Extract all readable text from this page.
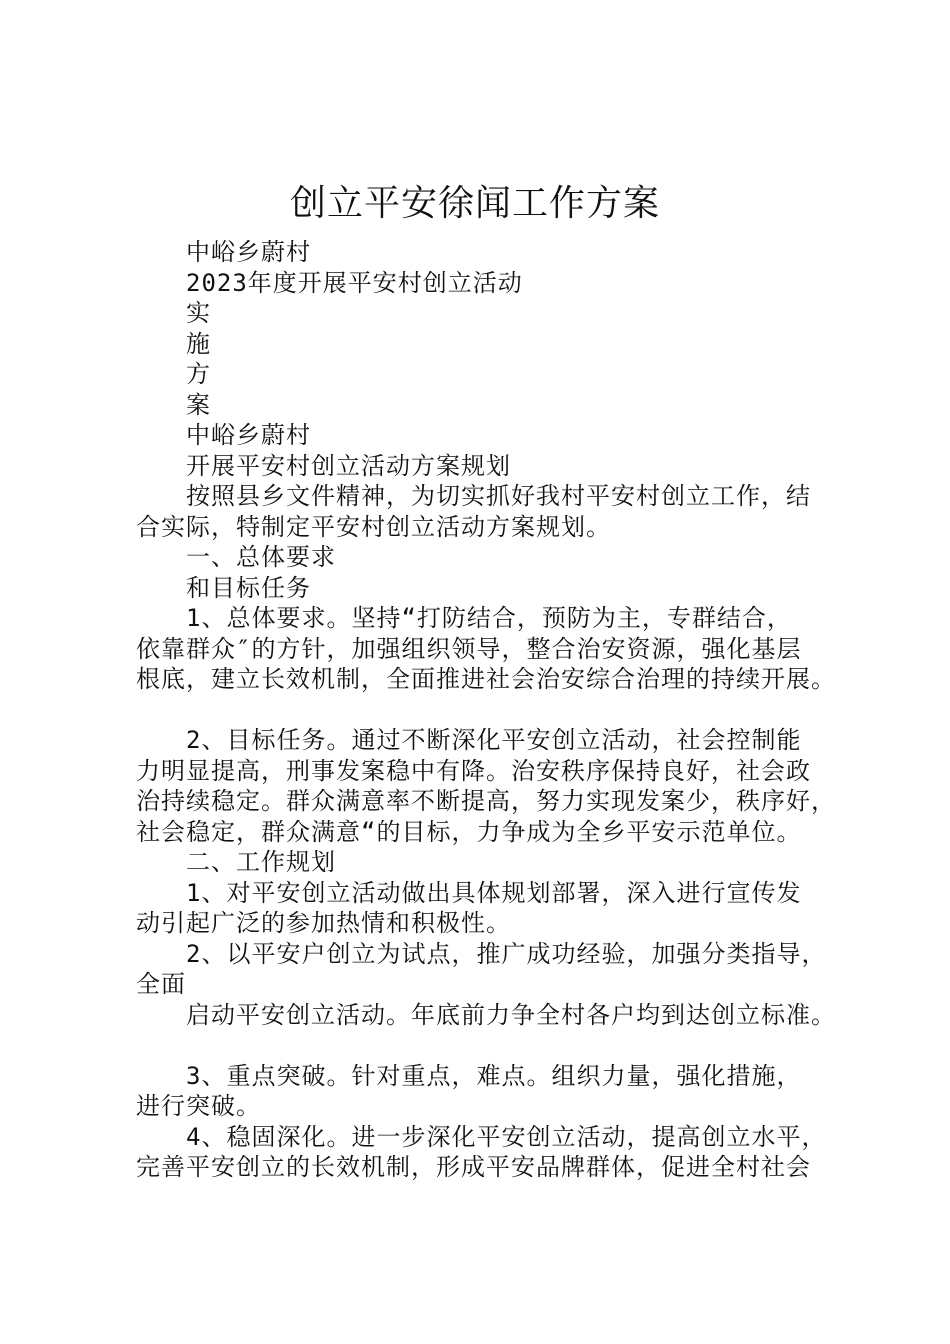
创立平安徐闻工作方案
中峪乡蔚村
2023年度开展平安村创立活动
实
施
方
案
中峪乡蔚村
开展平安村创立活动方案规划
按照县乡文件精神，为切实抓好我村平安村创立工作，结
合实际，特制定平安村创立活动方案规划。
一、总体要求
和目标任务
1、总体要求。坚持“打防结合，预防为主，专群结合，
依靠群众″的方针，加强组织领导，整合治安资源，强化基层
根底，建立长效机制，全面推进社会治安综合治理的持续开展。
2、目标任务。通过不断深化平安创立活动，社会控制能
力明显提高，刑事发案稳中有降。治安秩序保持良好，社会政
治持续稳定。群众满意率不断提高，努力实现发案少，秩序好，
社会稳定，群众满意“的目标，力争成为全乡平安示范单位。
二、工作规划
1、对平安创立活动做出具体规划部署，深入进行宣传发
动引起广泛的参加热情和积极性。
2、以平安户创立为试点，推广成功经验，加强分类指导，
全面
启动平安创立活动。年底前力争全村各户均到达创立标准。
3、重点突破。针对重点，难点。组织力量，强化措施，
进行突破。
4、稳固深化。进一步深化平安创立活动，提高创立水平，
完善平安创立的长效机制，形成平安品牌群体，促进全村社会
